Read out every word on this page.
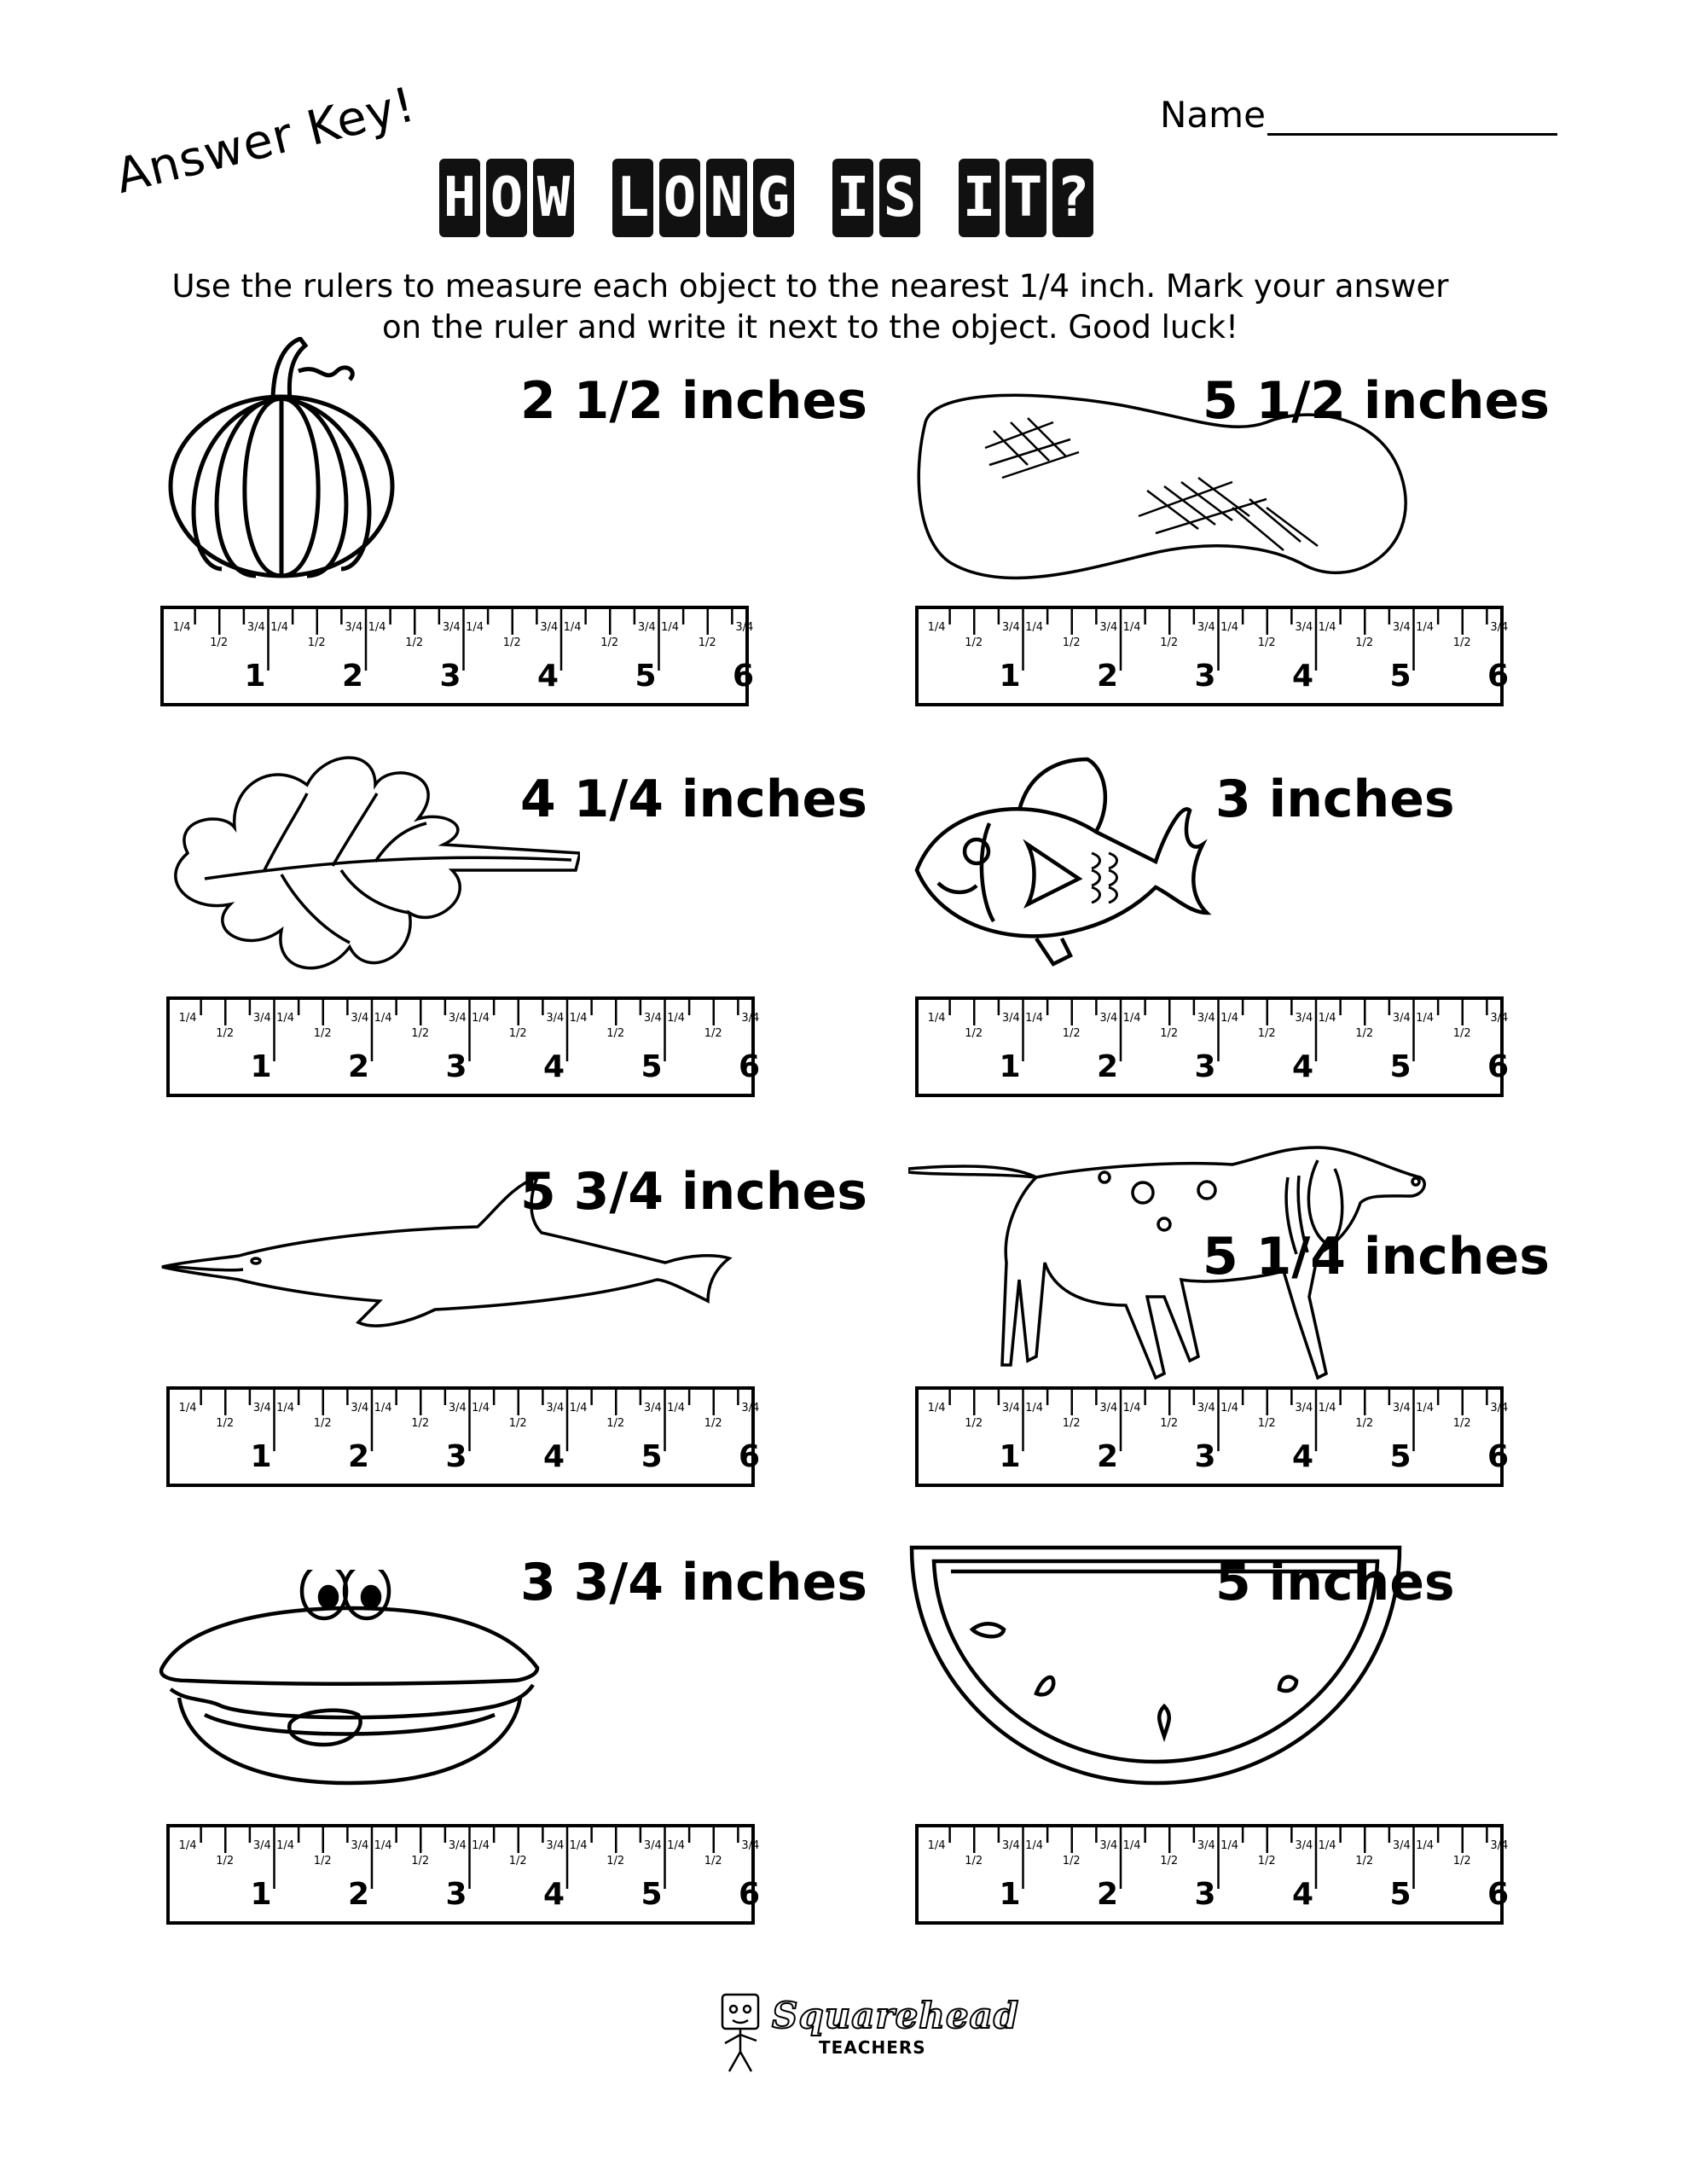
Name
Answer Key! H O W L O N G I S I T ?
Use the rulers to measure each object to the nearest 1/4 inch. Mark your answer
on the ruler and write it next to the object. Good luck!
2 1/2 inches	5 1/2 inches
4 1/4 inches	3 inches
5 3/4 inches
5 1/4 inches
3 3/4 inches	5 inches
1/4
1/2
3/4
1
1/4
1/2
3/4
2
1/4
1/2
3/4
3
1/4
1/2
3/4
4
1/4
1/2
3/4
5
1/4
1/2
3/4
6
1/4
1/2
3/4
1
1/4
1/2
3/4
2
1/4
1/2
3/4
3
1/4
1/2
3/4
4
1/4
1/2
3/4
5
1/4
1/2
3/4
6
1/4
1/2
3/4
1
1/4
1/2
3/4
2
1/4
1/2
3/4
3
1/4
1/2
3/4
4
1/4
1/2
3/4
5
1/4
1/2
3/4
6
1/4
1/2
3/4
1
1/4
1/2
3/4
2
1/4
1/2
3/4
3
1/4
1/2
3/4
4
1/4
1/2
3/4
5
1/4
1/2
3/4
6
1/4
1/2
3/4
1
1/4
1/2
3/4
2
1/4
1/2
3/4
3
1/4
1/2
3/4
4
1/4
1/2
3/4
5
1/4
1/2
3/4
6
1/4
1/2
3/4
1
1/4
1/2
3/4
2
1/4
1/2
3/4
3
1/4
1/2
3/4
4
1/4
1/2
3/4
5
1/4
1/2
3/4
6
1/4
1/2
3/4
1
1/4
1/2
3/4
2
1/4
1/2
3/4
3
1/4
1/2
3/4
4
1/4
1/2
3/4
5
1/4
1/2
3/4
6
1/4
1/2
3/4
1
1/4
1/2
3/4
2
1/4
1/2
3/4
3
1/4
1/2
3/4
4
1/4
1/2
3/4
5
1/4
1/2
3/4
6
Squarehead
TEACHERS
